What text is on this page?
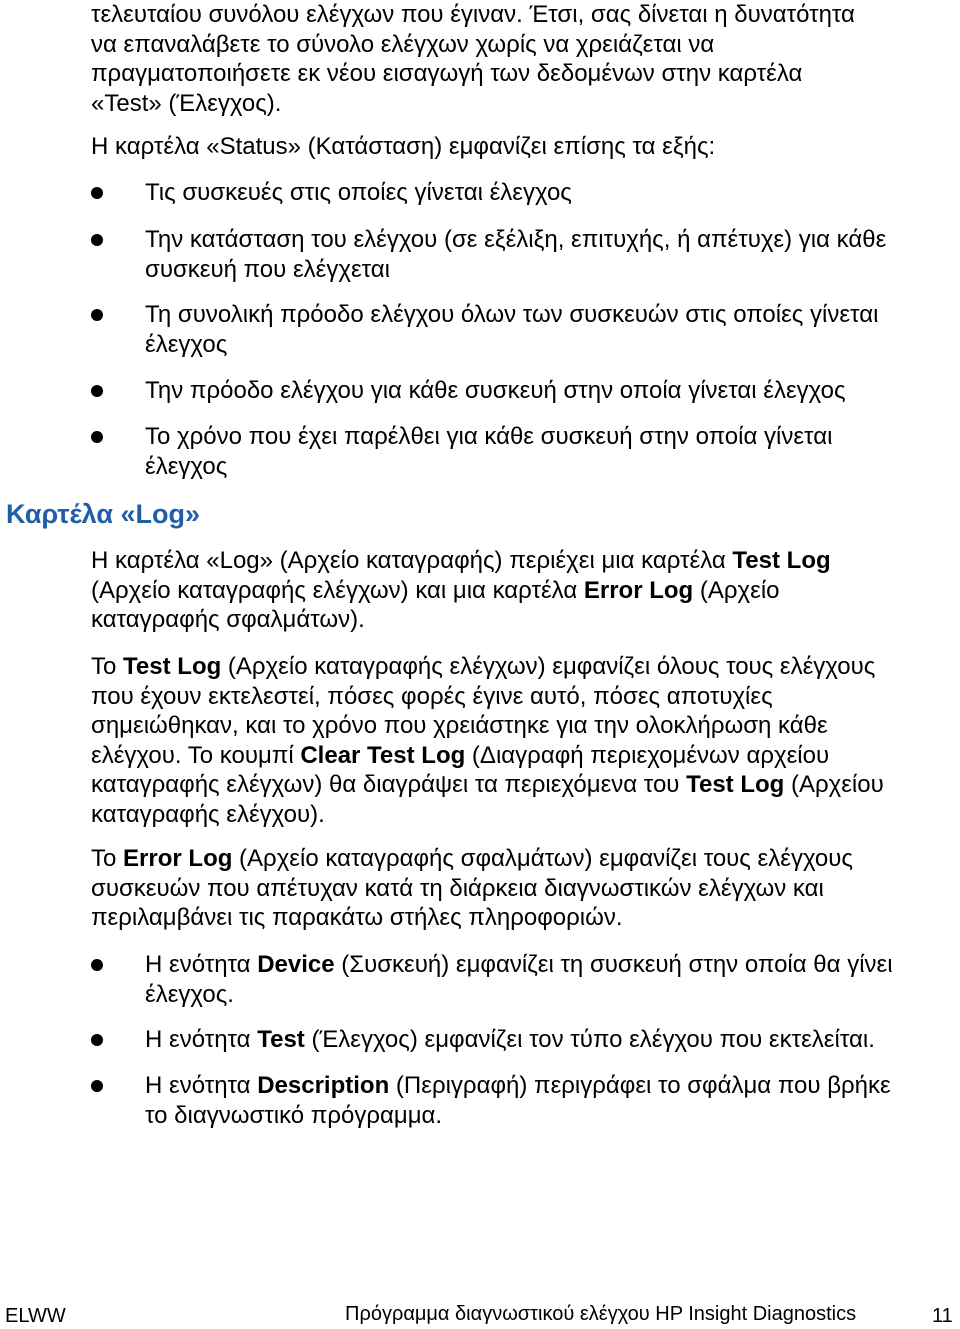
τελευταίου συνόλου ελέγχων που έγιναν. Έτσι, σας δίνεται η δυνατότητα
να επαναλάβετε το σύνολο ελέγχων χωρίς να χρειάζεται να
πραγματοποιήσετε εκ νέου εισαγωγή των δεδομένων στην καρτέλα
«Test» (Έλεγχος).
Η καρτέλα «Status» (Κατάσταση) εμφανίζει επίσης τα εξής:
Τις συσκευές στις οποίες γίνεται έλεγχος
Την κατάσταση του ελέγχου (σε εξέλιξη, επιτυχής, ή απέτυχε) για κάθε
συσκευή που ελέγχεται
Τη συνολική πρόοδο ελέγχου όλων των συσκευών στις οποίες γίνεται
έλεγχος
Την πρόοδο ελέγχου για κάθε συσκευή στην οποία γίνεται έλεγχος
Το χρόνο που έχει παρέλθει για κάθε συσκευή στην οποία γίνεται
έλεγχος
Καρτέλα «Log»
Η καρτέλα «Log» (Αρχείο καταγραφής) περιέχει μια καρτέλα Test Log
(Αρχείο καταγραφής ελέγχων) και μια καρτέλα Error Log (Αρχείο
καταγραφής σφαλμάτων).
Το Test Log (Αρχείο καταγραφής ελέγχων) εμφανίζει όλους τους ελέγχους
που έχουν εκτελεστεί, πόσες φορές έγινε αυτό, πόσες αποτυχίες
σημειώθηκαν, και το χρόνο που χρειάστηκε για την ολοκλήρωση κάθε
ελέγχου. Το κουμπί Clear Test Log (Διαγραφή περιεχομένων αρχείου
καταγραφής ελέγχων) θα διαγράψει τα περιεχόμενα του Test Log (Αρχείου
καταγραφής ελέγχου).
Το Error Log (Αρχείο καταγραφής σφαλμάτων) εμφανίζει τους ελέγχους
συσκευών που απέτυχαν κατά τη διάρκεια διαγνωστικών ελέγχων και
περιλαμβάνει τις παρακάτω στήλες πληροφοριών.
Η ενότητα Device (Συσκευή) εμφανίζει τη συσκευή στην οποία θα γίνει
έλεγχος.
Η ενότητα Test (Έλεγχος) εμφανίζει τον τύπο ελέγχου που εκτελείται.
Η ενότητα Description (Περιγραφή) περιγράφει το σφάλμα που βρήκε
το διαγνωστικό πρόγραμμα.
ELWW	Πρόγραμμα διαγνωστικού ελέγχου HP Insight Diagnostics	11
